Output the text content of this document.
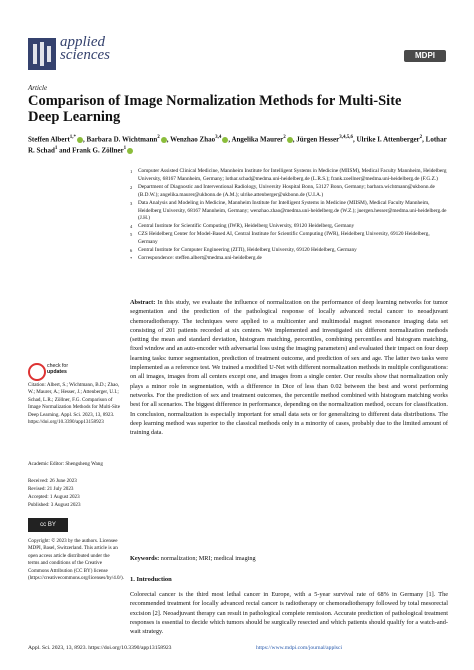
applied
sciences	MDPI
Article
Comparison of Image Normalization Methods for Multi-Site Deep Learning
Steffen Albert$^{1,*}$ , Barbara D. Wichtmann$^2$ , Wenzhao Zhao$^{3,4}$ , Angelika Maurer$^2$ , Jürgen Hesser$^{3,4,5,6}$, Ulrike I. Attenberger$^2$, Lothar R. Schad$^1$ and Frank G. Zöllner$^1$
1	Computer Assisted Clinical Medicine, Mannheim Institute for Intelligent Systems in Medicine (MIISM), Medical Faculty Mannheim, Heidelberg University, 68167 Mannheim, Germany; lothar.schad@medma.uni-heidelberg.de (L.R.S.); frank.zoellner@medma.uni-heidelberg.de (F.G.Z.)
2	Department of Diagnostic and Interventional Radiology, University Hospital Bonn, 53127 Bonn, Germany; barbara.wichtmann@ukbonn.de (B.D.W.); angelika.maurer@ukbonn.de (A.M.); ulrike.attenberger@ukbonn.de (U.I.A.)
3	Data Analysis and Modeling in Medicine, Mannheim Institute for Intelligent Systems in Medicine (MIISM), Medical Faculty Mannheim, Heidelberg University, 68167 Mannheim, Germany; wenzhao.zhao@medma.uni-heidelberg.de (W.Z.); juergen.hesser@medma.uni-heidelberg.de (J.H.)
4	Central Institute for Scientific Computing (IWR), Heidelberg University, 69120 Heidelberg, Germany
5	CZS Heidelberg Center for Model-Based AI, Central Institute for Scientific Computing (IWR), Heidelberg University, 69120 Heidelberg, Germany
6	Central Institute for Computer Engineering (ZITI), Heidelberg University, 69120 Heidelberg, Germany
*	Correspondence: steffen.albert@medma.uni-heidelberg.de
Abstract: In this study, we evaluate the influence of normalization on the performance of deep learning networks for tumor segmentation and the prediction of the pathological response of locally advanced rectal cancer to neoadjuvant chemoradiotherapy. The techniques were applied to a multicenter and multimodal magnet resonance imaging data set consisting of 201 patients recorded at six centers. We implemented and investigated six different normalization methods (setting the mean and standard deviation, histogram matching, percentiles, combining percentiles and histogram matching, fixed window and an auto-encoder with adversarial loss using the imaging parameters) and evaluated their impact on four deep learning tasks: tumor segmentation, prediction of treatment outcome, and prediction of sex and age. The latter two tasks were implemented as a reference test. We trained a modified U-Net with different normalization methods in multiple configurations: on all images, images from all centers except one, and images from a single center. Our results show that normalization only plays a minor role in segmentation, with a difference in Dice of less than 0.02 between the best and worst performing networks. For the prediction of sex and treatment outcomes, the percentile method combined with histogram matching works best for all scenarios. The biggest difference in performance, depending on the normalization method, occurs for classification. In conclusion, normalization is especially important for small data sets or for generalizing to different data distributions. The deep learning method was superior to the classical methods only in a minority of cases, probably due to the limited amount of training data.
Keywords: normalization; MRI; medical imaging
1. Introduction
Colorectal cancer is the third most lethal cancer in Europe, with a 5-year survival rate of 68% in Germany [1]. The recommended treatment for locally advanced rectal cancer is radiotherapy or chemoradiotherapy followed by total mesorectal excision [2]. Neoadjuvant therapy can result in pathological complete remission. Accurate prediction of pathological treatment responses is essential to decide which tumors should be surgically resected and which patients should qualify for a watch-and-wait strategy.
check for
updates
Citation: Albert, S.; Wichtmann, B.D.; Zhao, W.; Maurer, A.; Hesser, J.; Attenberger, U.I.; Schad, L.R.; Zöllner, F.G. Comparison of Image Normalization Methods for Multi-Site Deep Learning. Appl. Sci. 2023, 13, 8923. https://doi.org/10.3390/app13158923
Academic Editor: Shengsheng Wang
Received: 26 June 2023
Revised: 21 July 2023
Accepted: 1 August 2023
Published: 3 August 2023
cc BY
Copyright: © 2023 by the authors. Licensee MDPI, Basel, Switzerland. This article is an open access article distributed under the terms and conditions of the Creative Commons Attribution (CC BY) license (https://creativecommons.org/licenses/by/4.0/).
Appl. Sci. 2023, 13, 8923. https://doi.org/10.3390/app13158923	https://www.mdpi.com/journal/applsci
